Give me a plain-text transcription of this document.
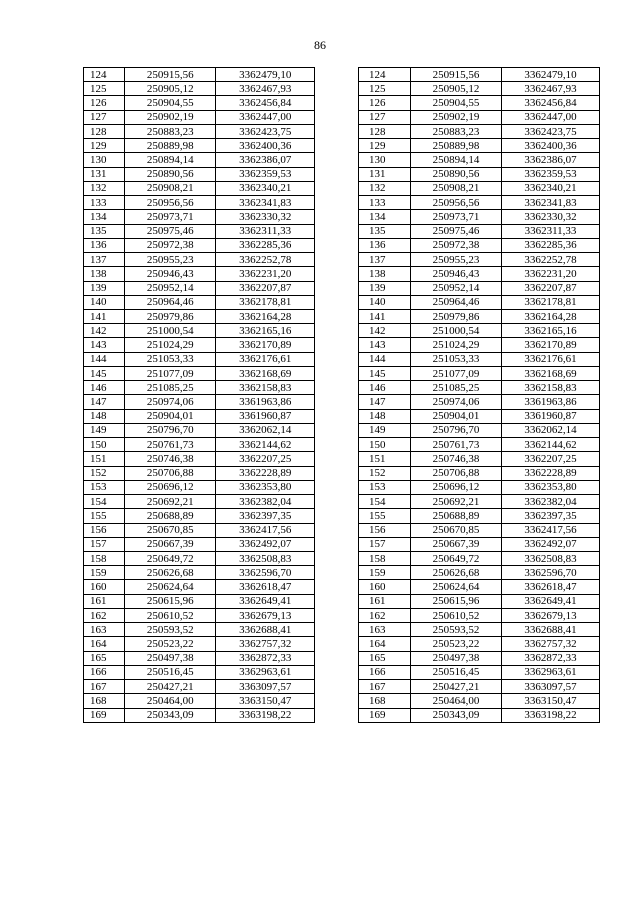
86
124	250915,56	3362479,10
125	250905,12	3362467,93
126	250904,55	3362456,84
127	250902,19	3362447,00
128	250883,23	3362423,75
129	250889,98	3362400,36
130	250894,14	3362386,07
131	250890,56	3362359,53
132	250908,21	3362340,21
133	250956,56	3362341,83
134	250973,71	3362330,32
135	250975,46	3362311,33
136	250972,38	3362285,36
137	250955,23	3362252,78
138	250946,43	3362231,20
139	250952,14	3362207,87
140	250964,46	3362178,81
141	250979,86	3362164,28
142	251000,54	3362165,16
143	251024,29	3362170,89
144	251053,33	3362176,61
145	251077,09	3362168,69
146	251085,25	3362158,83
147	250974,06	3361963,86
148	250904,01	3361960,87
149	250796,70	3362062,14
150	250761,73	3362144,62
151	250746,38	3362207,25
152	250706,88	3362228,89
153	250696,12	3362353,80
154	250692,21	3362382,04
155	250688,89	3362397,35
156	250670,85	3362417,56
157	250667,39	3362492,07
158	250649,72	3362508,83
159	250626,68	3362596,70
160	250624,64	3362618,47
161	250615,96	3362649,41
162	250610,52	3362679,13
163	250593,52	3362688,41
164	250523,22	3362757,32
165	250497,38	3362872,33
166	250516,45	3362963,61
167	250427,21	3363097,57
168	250464,00	3363150,47
169	250343,09	3363198,22
124	250915,56	3362479,10
125	250905,12	3362467,93
126	250904,55	3362456,84
127	250902,19	3362447,00
128	250883,23	3362423,75
129	250889,98	3362400,36
130	250894,14	3362386,07
131	250890,56	3362359,53
132	250908,21	3362340,21
133	250956,56	3362341,83
134	250973,71	3362330,32
135	250975,46	3362311,33
136	250972,38	3362285,36
137	250955,23	3362252,78
138	250946,43	3362231,20
139	250952,14	3362207,87
140	250964,46	3362178,81
141	250979,86	3362164,28
142	251000,54	3362165,16
143	251024,29	3362170,89
144	251053,33	3362176,61
145	251077,09	3362168,69
146	251085,25	3362158,83
147	250974,06	3361963,86
148	250904,01	3361960,87
149	250796,70	3362062,14
150	250761,73	3362144,62
151	250746,38	3362207,25
152	250706,88	3362228,89
153	250696,12	3362353,80
154	250692,21	3362382,04
155	250688,89	3362397,35
156	250670,85	3362417,56
157	250667,39	3362492,07
158	250649,72	3362508,83
159	250626,68	3362596,70
160	250624,64	3362618,47
161	250615,96	3362649,41
162	250610,52	3362679,13
163	250593,52	3362688,41
164	250523,22	3362757,32
165	250497,38	3362872,33
166	250516,45	3362963,61
167	250427,21	3363097,57
168	250464,00	3363150,47
169	250343,09	3363198,22
